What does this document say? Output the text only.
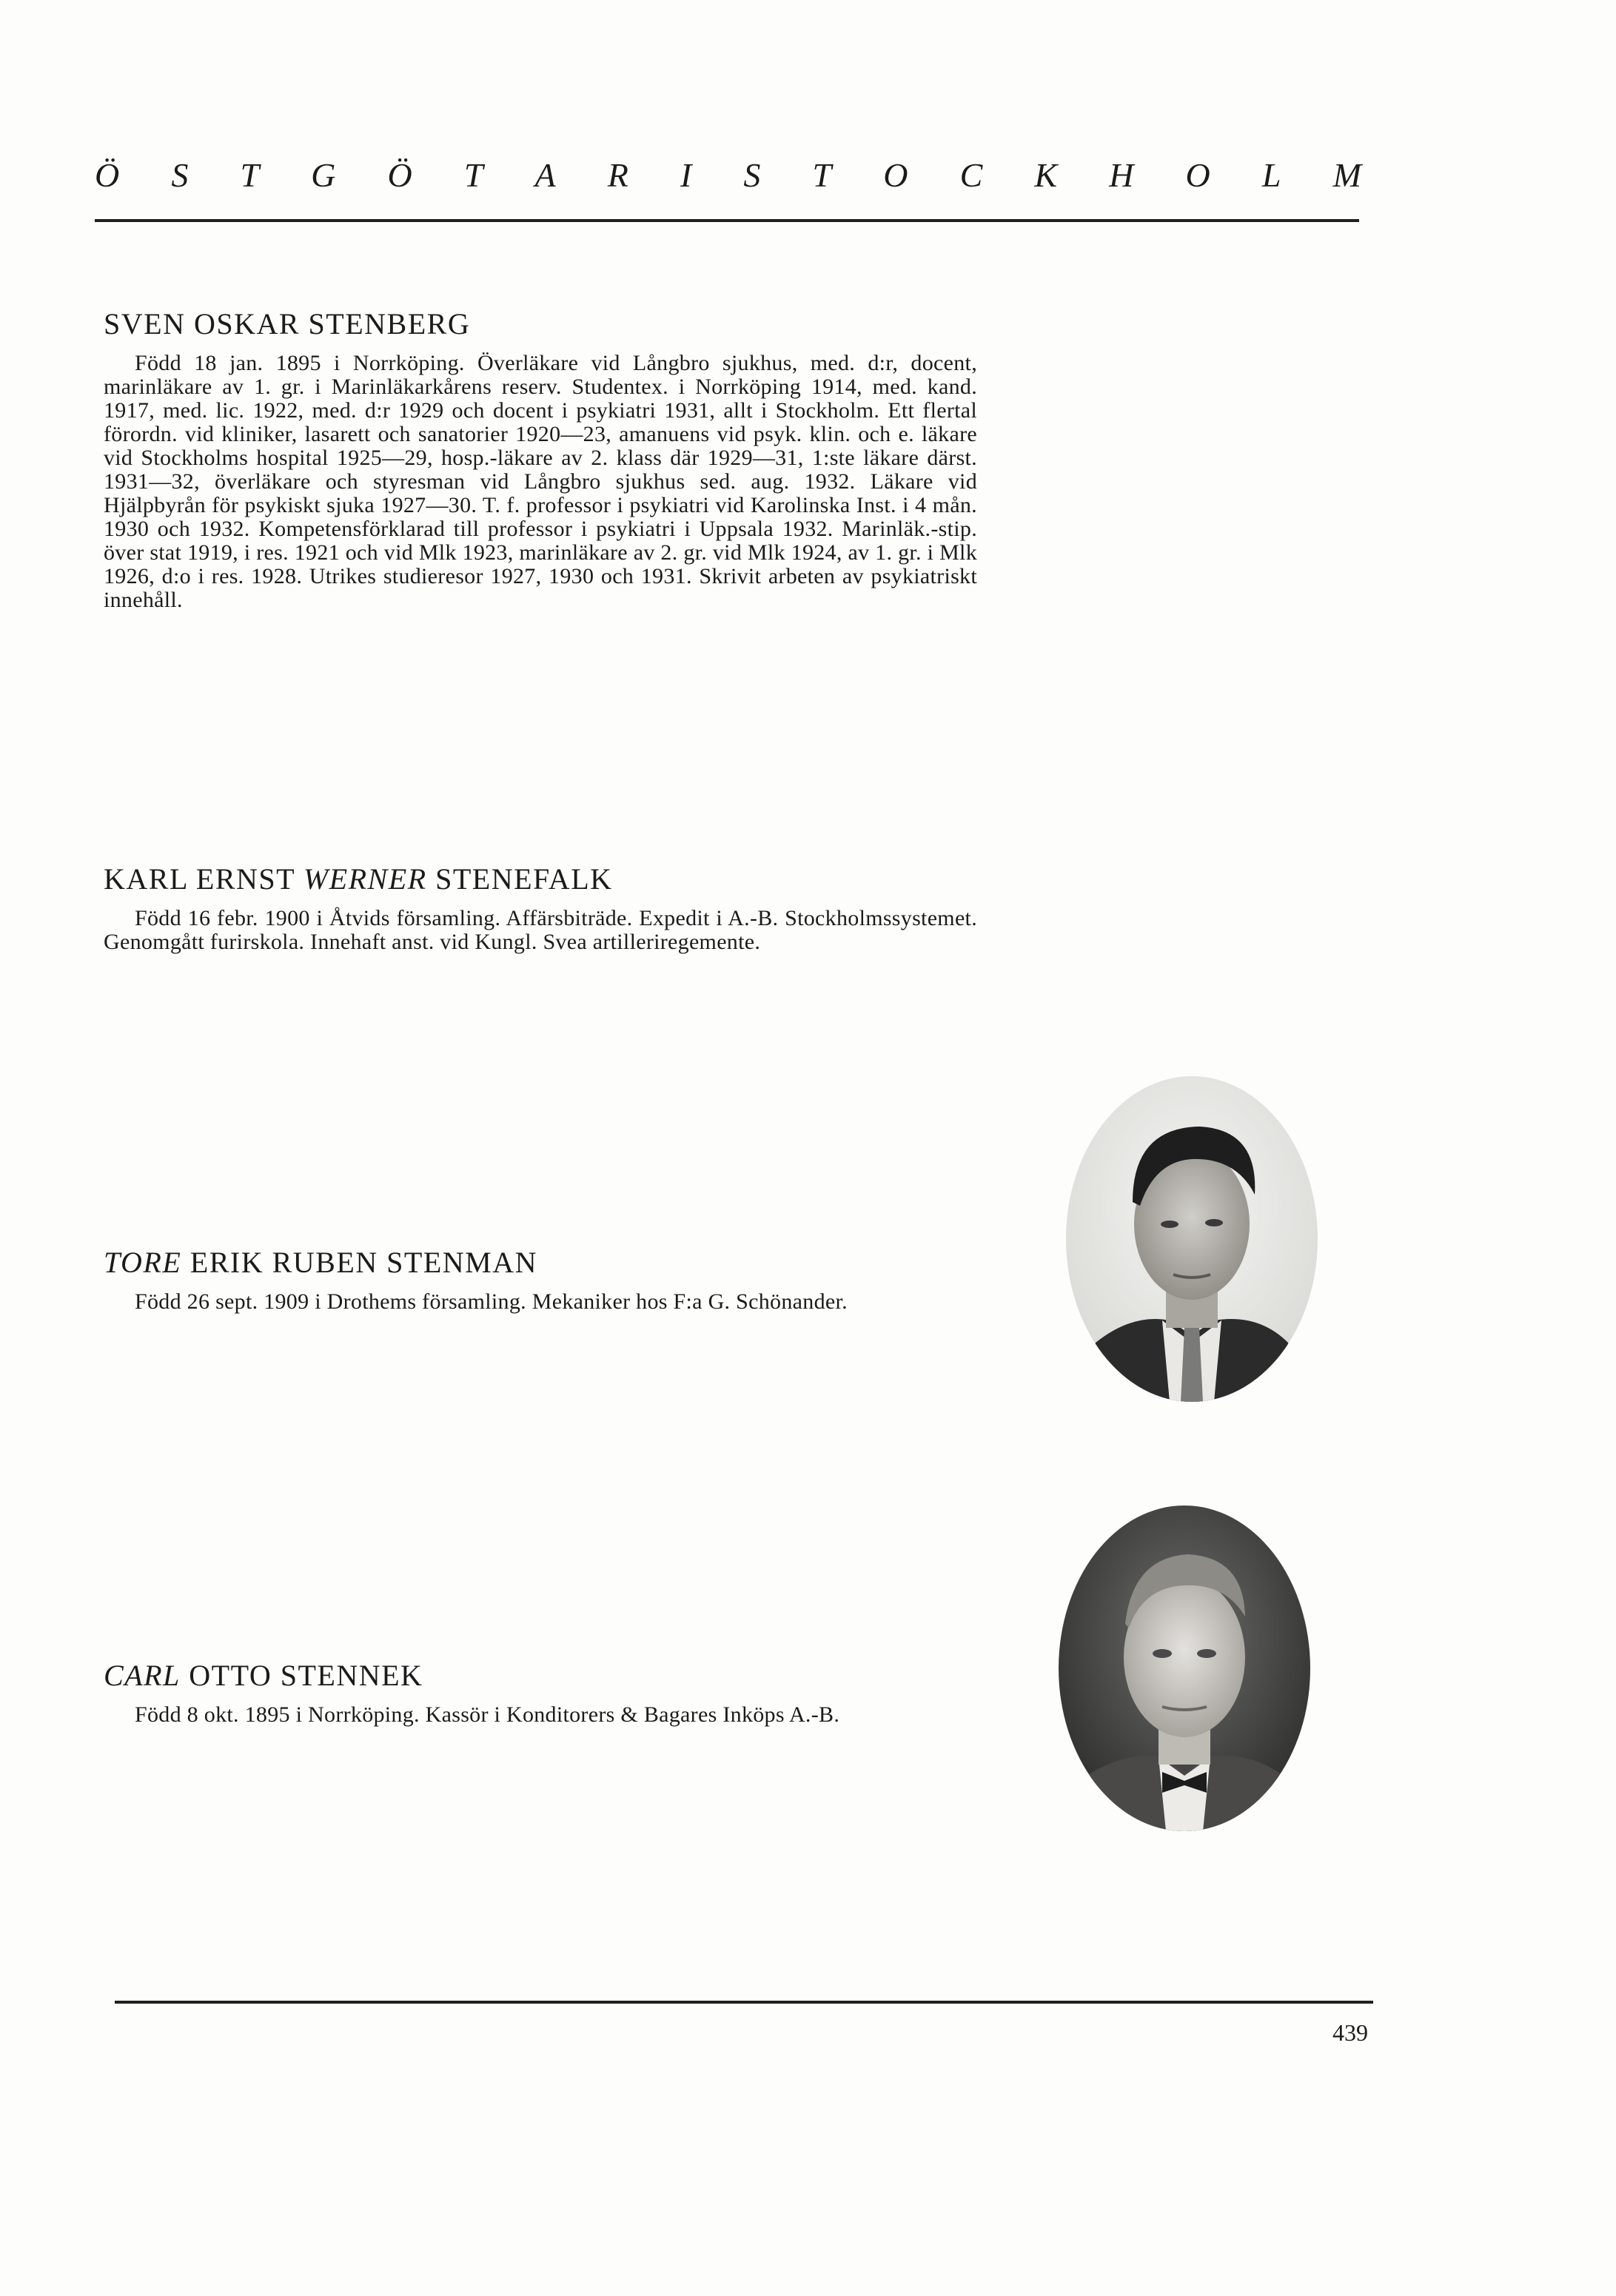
Ö S T G Ö T A R I S T O C K H O L M
SVEN OSKAR STENBERG

Född 18 jan. 1895 i Norrköping. Överläkare vid Långbro sjukhus, med. d:r, docent, marinläkare av 1. gr. i Marinläkarkårens reserv. Studentex. i Norrköping 1914, med. kand. 1917, med. lic. 1922, med. d:r 1929 och docent i psykiatri 1931, allt i Stockholm. Ett flertal förordn. vid kliniker, lasarett och sanatorier 1920—23, amanuens vid psyk. klin. och e. läkare vid Stockholms hospital 1925—29, hosp.-läkare av 2. klass där 1929—31, 1:ste läkare därst. 1931—32, överläkare och styresman vid Långbro sjukhus sed. aug. 1932. Läkare vid Hjälpbyrån för psykiskt sjuka 1927—30. T. f. professor i psykiatri vid Karolinska Inst. i 4 mån. 1930 och 1932. Kompetensförklarad till professor i psykiatri i Uppsala 1932. Marinläk.-stip. över stat 1919, i res. 1921 och vid Mlk 1923, marinläkare av 2. gr. vid Mlk 1924, av 1. gr. i Mlk 1926, d:o i res. 1928. Utrikes studieresor 1927, 1930 och 1931. Skrivit arbeten av psykiatriskt innehåll.

KARL ERNST WERNER STENEFALK

Född 16 febr. 1900 i Åtvids församling. Affärsbiträde. Expedit i A.-B. Stockholmssystemet. Genomgått furirskola. Innehaft anst. vid Kungl. Svea artilleriregemente.

TORE ERIK RUBEN STENMAN

Född 26 sept. 1909 i Drothems församling. Mekaniker hos F:a G. Schönander.

CARL OTTO STENNEK

Född 8 okt. 1895 i Norrköping. Kassör i Konditorers & Bagares Inköps A.-B.

439
